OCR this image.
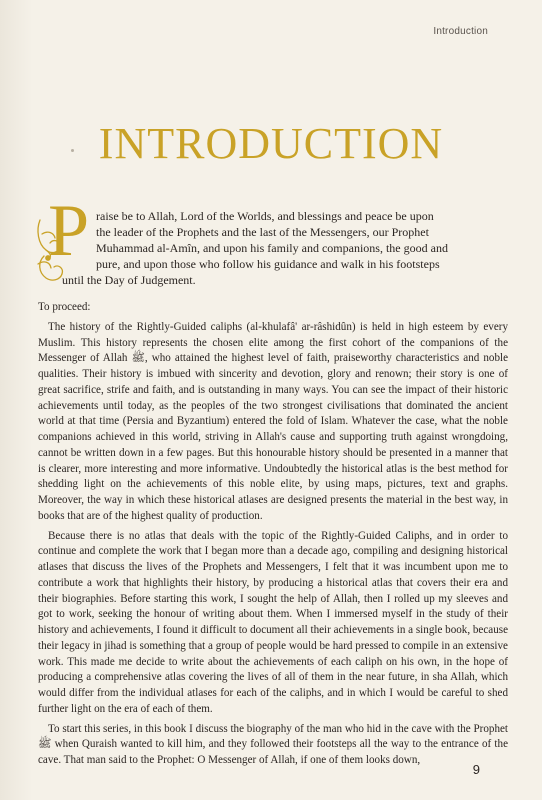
Introduction
INTRODUCTION
P raise be to Allah, Lord of the Worlds, and blessings and peace be upon
the leader of the Prophets and the last of the Messengers, our Prophet
Muhammad al-Amîn, and upon his family and companions, the good and
pure, and upon those who follow his guidance and walk in his footsteps
until the Day of Judgement.

To proceed:

The history of the Rightly-Guided caliphs (al-khulafâ' ar-râshidûn) is held in high esteem by every Muslim. This history represents the chosen elite among the first cohort of the companions of the Messenger of Allah ﷺ, who attained the highest level of faith, praiseworthy characteristics and noble qualities. Their history is imbued with sincerity and devotion, glory and renown; their story is one of great sacrifice, strife and faith, and is outstanding in many ways. You can see the impact of their historic achievements until today, as the peoples of the two strongest civilisations that dominated the ancient world at that time (Persia and Byzantium) entered the fold of Islam. Whatever the case, what the noble companions achieved in this world, striving in Allah's cause and supporting truth against wrongdoing, cannot be written down in a few pages. But this honourable history should be presented in a manner that is clearer, more interesting and more informative. Undoubtedly the historical atlas is the best method for shedding light on the achievements of this noble elite, by using maps, pictures, text and graphs. Moreover, the way in which these historical atlases are designed presents the material in the best way, in books that are of the highest quality of production.

Because there is no atlas that deals with the topic of the Rightly-Guided Caliphs, and in order to continue and complete the work that I began more than a decade ago, compiling and designing historical atlases that discuss the lives of the Prophets and Messengers, I felt that it was incumbent upon me to contribute a work that highlights their history, by producing a historical atlas that covers their era and their biographies. Before starting this work, I sought the help of Allah, then I rolled up my sleeves and got to work, seeking the honour of writing about them. When I immersed myself in the study of their history and achievements, I found it difficult to document all their achievements in a single book, because their legacy in jihad is something that a group of people would be hard pressed to compile in an extensive work. This made me decide to write about the achievements of each caliph on his own, in the hope of producing a comprehensive atlas covering the lives of all of them in the near future, in sha Allah, which would differ from the individual atlases for each of the caliphs, and in which I would be careful to shed further light on the era of each of them.

To start this series, in this book I discuss the biography of the man who hid in the cave with the Prophet ﷺ when Quraish wanted to kill him, and they followed their footsteps all the way to the entrance of the cave. That man said to the Prophet: O Messenger of Allah, if one of them looks down,

9
